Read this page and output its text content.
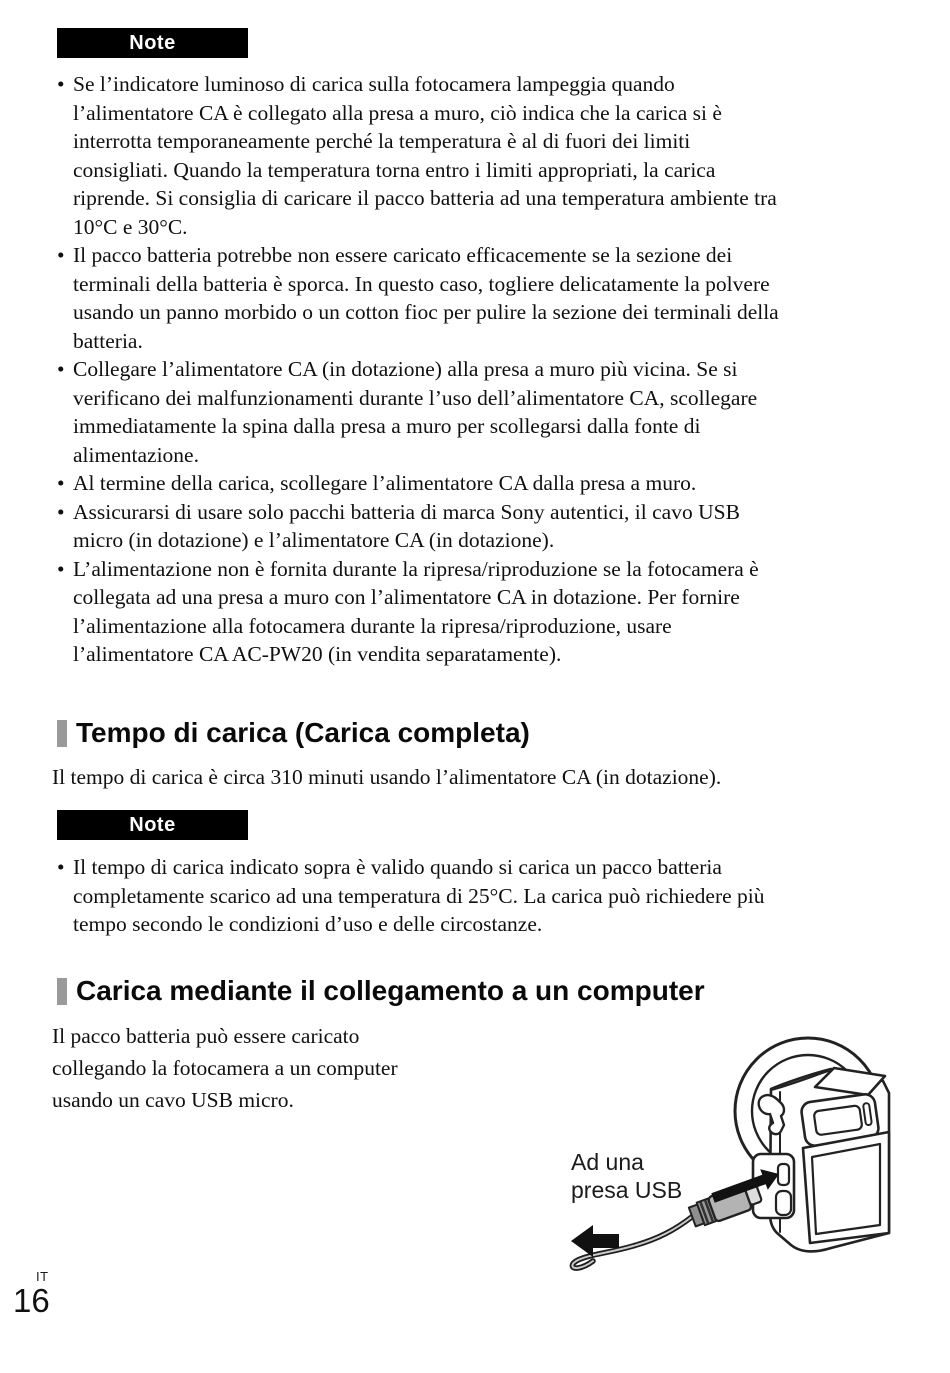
Note
• Se l’indicatore luminoso di carica sulla fotocamera lampeggia quando
l’alimentatore CA è collegato alla presa a muro, ciò indica che la carica si è
interrotta temporaneamente perché la temperatura è al di fuori dei limiti
consigliati. Quando la temperatura torna entro i limiti appropriati, la carica
riprende. Si consiglia di caricare il pacco batteria ad una temperatura ambiente tra
10°C e 30°C.
• Il pacco batteria potrebbe non essere caricato efficacemente se la sezione dei
terminali della batteria è sporca. In questo caso, togliere delicatamente la polvere
usando un panno morbido o un cotton fioc per pulire la sezione dei terminali della
batteria.
• Collegare l’alimentatore CA (in dotazione) alla presa a muro più vicina. Se si
verificano dei malfunzionamenti durante l’uso dell’alimentatore CA, scollegare
immediatamente la spina dalla presa a muro per scollegarsi dalla fonte di
alimentazione.
• Al termine della carica, scollegare l’alimentatore CA dalla presa a muro.
• Assicurarsi di usare solo pacchi batteria di marca Sony autentici, il cavo USB
micro (in dotazione) e l’alimentatore CA (in dotazione).
• L’alimentazione non è fornita durante la ripresa/riproduzione se la fotocamera è
collegata ad una presa a muro con l’alimentatore CA in dotazione. Per fornire
l’alimentazione alla fotocamera durante la ripresa/riproduzione, usare
l’alimentatore CA AC-PW20 (in vendita separatamente).
Tempo di carica (Carica completa)

Il tempo di carica è circa 310 minuti usando l’alimentatore CA (in dotazione).

Note
• Il tempo di carica indicato sopra è valido quando si carica un pacco batteria
completamente scarico ad una temperatura di 25°C. La carica può richiedere più
tempo secondo le condizioni d’uso e delle circostanze.
Carica mediante il collegamento a un computer
Il pacco batteria può essere caricato
collegando la fotocamera a un computer
usando un cavo USB micro.
Ad una
presa USB
IT
16
